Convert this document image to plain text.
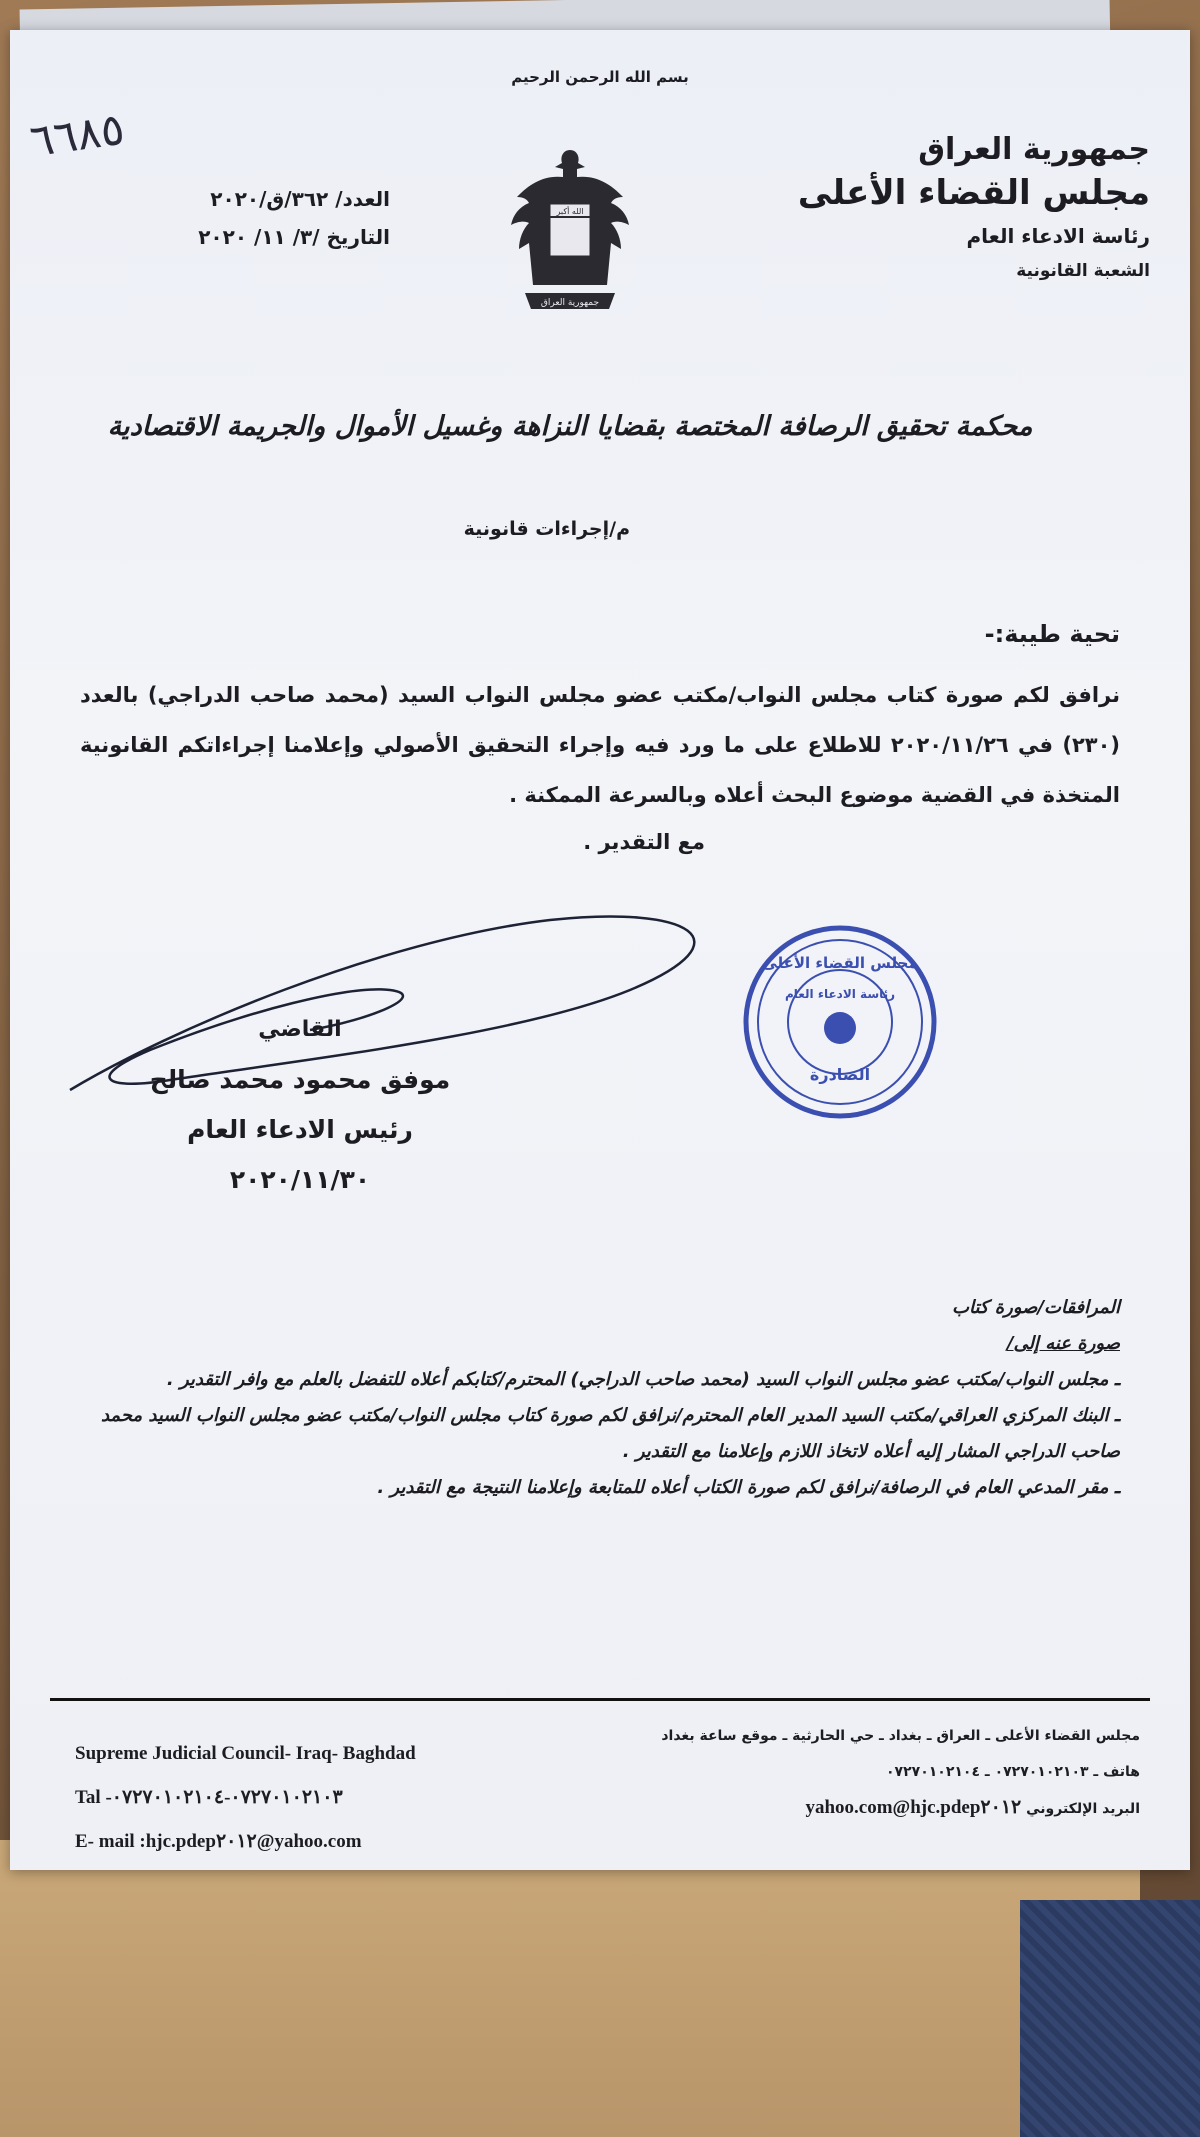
بسم الله الرحمن الرحيم
جمهورية العراق
مجلس القضاء الأعلى
رئاسة الادعاء العام
الشعبة القانونية
العدد/ ٣٦٢/ق/٢٠٢٠
التاريخ /٣/ ١١/ ٢٠٢٠
٦٦٨٥
الله أكبر
جمهورية العراق
محكمة تحقيق الرصافة المختصة بقضايا النزاهة وغسيل الأموال والجريمة الاقتصادية
م/إجراءات قانونية
تحية طيبة:-
نرافق لكم صورة كتاب مجلس النواب/مكتب عضو مجلس النواب السيد (محمد صاحب الدراجي) بالعدد (٢٣٠) في ٢٠٢٠/١١/٢٦ للاطلاع على ما ورد فيه وإجراء التحقيق الأصولي وإعلامنا إجراءاتكم القانونية المتخذة في القضية موضوع البحث أعلاه وبالسرعة الممكنة .
مع التقدير .
القاضي
موفق محمود محمد صالح
رئيس الادعاء العام
٢٠٢٠/١١/٣٠
مجلس القضاء الأعلى
رئاسة الادعاء العام
الصادرة
المرافقات/صورة كتاب
صورة عنه إلى/
ـ مجلس النواب/مكتب عضو مجلس النواب السيد (محمد صاحب الدراجي) المحترم/كتابكم أعلاه للتفضل بالعلم مع وافر التقدير .
ـ البنك المركزي العراقي/مكتب السيد المدير العام المحترم/نرافق لكم صورة كتاب مجلس النواب/مكتب عضو مجلس النواب السيد محمد صاحب الدراجي المشار إليه أعلاه لاتخاذ اللازم وإعلامنا مع التقدير .
ـ مقر المدعي العام في الرصافة/نرافق لكم صورة الكتاب أعلاه للمتابعة وإعلامنا النتيجة مع التقدير .
مجلس القضاء الأعلى ـ العراق ـ بغداد ـ حي الحارثية ـ موقع ساعة بغداد
هاتف ـ ٠٧٢٧٠١٠٢١٠٣ ـ ٠٧٢٧٠١٠٢١٠٤
البريد الإلكتروني hjc.pdep٢٠١٢@yahoo.com
Supreme Judicial Council- Iraq- Baghdad
Tal -٠٧٢٧٠١٠٢١٠٣-٠٧٢٧٠١٠٢١٠٤
E- mail :hjc.pdep٢٠١٢@yahoo.com
